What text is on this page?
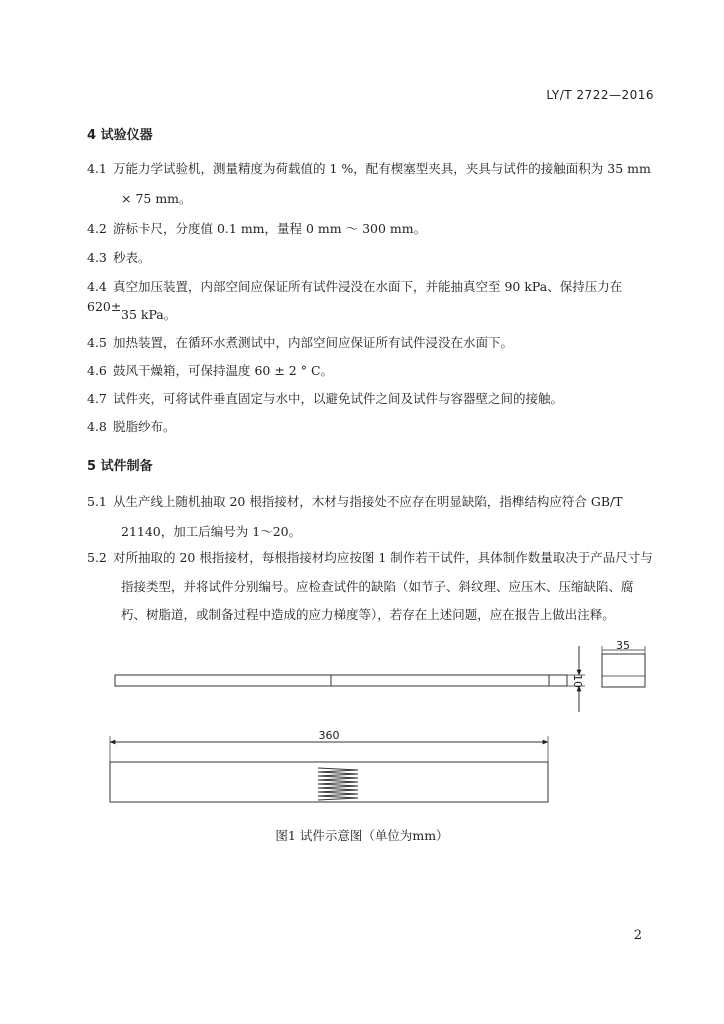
LY/T 2722—2016
4 试验仪器
4.1 万能力学试验机，测量精度为荷载值的 1 %，配有楔塞型夹具，夹具与试件的接触面积为 35 mm
× 75 mm。
4.2 游标卡尺，分度值 0.1 mm，量程 0 mm ～ 300 mm。
4.3 秒表。
4.4 真空加压装置，内部空间应保证所有试件浸没在水面下，并能抽真空至 90 kPa、保持压力在 620±
35 kPa。
4.5 加热装置，在循环水煮测试中，内部空间应保证所有试件浸没在水面下。
4.6 鼓风干燥箱，可保持温度 60 ± 2 ° C。
4.7 试件夹，可将试件垂直固定与水中，以避免试件之间及试件与容器壁之间的接触。
4.8 脱脂纱布。
5 试件制备
5.1 从生产线上随机抽取 20 根指接材，木材与指接处不应存在明显缺陷，指榫结构应符合 GB/T
21140，加工后编号为 1～20。
5.2 对所抽取的 20 根指接材，每根指接材均应按图 1 制作若干试件，具体制作数量取决于产品尺寸与
指接类型，并将试件分别编号。应检查试件的缺陷（如节子、斜纹理、应压木、压缩缺陷、腐
朽、树脂道，或制备过程中造成的应力梯度等），若存在上述问题，应在报告上做出注释。
35
10
360
图1 试件示意图（单位为mm）
2
